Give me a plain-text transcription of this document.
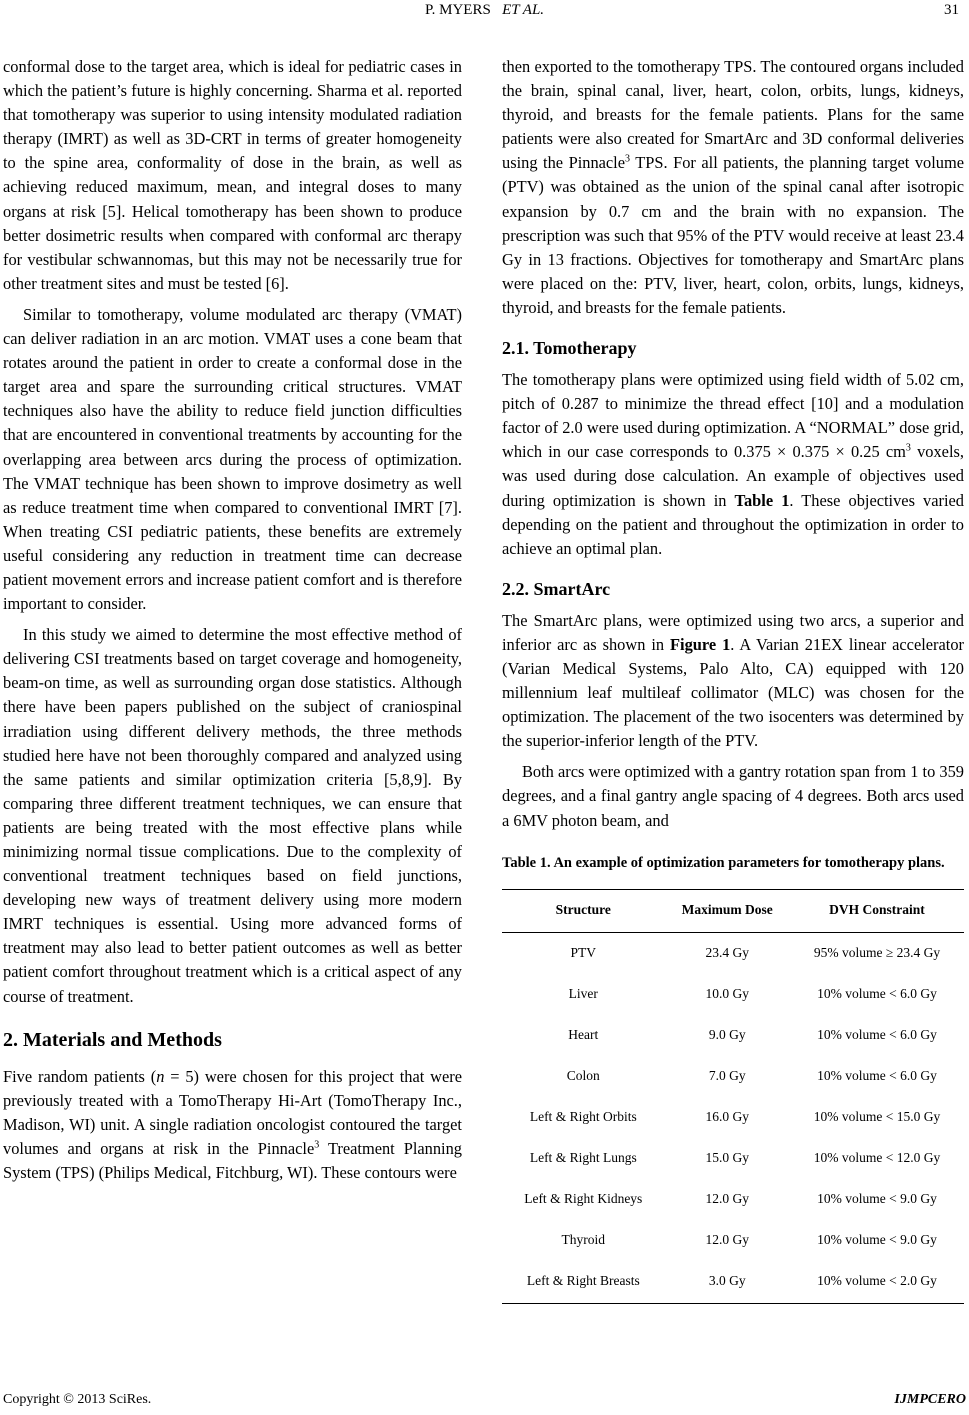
P. MYERS ET AL.	31

conformal dose to the target area, which is ideal for pediatric cases in which the patient’s future is highly concerning. Sharma et al. reported that tomotherapy was superior to using intensity modulated radiation therapy (IMRT) as well as 3D-CRT in terms of greater homogeneity to the spine area, conformality of dose in the brain, as well as achieving reduced maximum, mean, and integral doses to many organs at risk [5]. Helical tomotherapy has been shown to produce better dosimetric results when compared with conformal arc therapy for vestibular schwannomas, but this may not be necessarily true for other treatment sites and must be tested [6].

Similar to tomotherapy, volume modulated arc therapy (VMAT) can deliver radiation in an arc motion. VMAT uses a cone beam that rotates around the patient in order to create a conformal dose in the target area and spare the surrounding critical structures. VMAT techniques also have the ability to reduce field junction difficulties that are encountered in conventional treatments by accounting for the overlapping area between arcs during the process of optimization. The VMAT technique has been shown to improve dosimetry as well as reduce treatment time when compared to conventional IMRT [7]. When treating CSI pediatric patients, these benefits are extremely useful considering any reduction in treatment time can decrease patient movement errors and increase patient comfort and is therefore important to consider.

In this study we aimed to determine the most effective method of delivering CSI treatments based on target coverage and homogeneity, beam-on time, as well as surrounding organ dose statistics. Although there have been papers published on the subject of craniospinal irradiation using different delivery methods, the three methods studied here have not been thoroughly compared and analyzed using the same patients and similar optimization criteria [5,8,9]. By comparing three different treatment techniques, we can ensure that patients are being treated with the most effective plans while minimizing normal tissue complications. Due to the complexity of conventional treatment techniques based on field junctions, developing new ways of treatment delivery using more modern IMRT techniques is essential. Using more advanced forms of treatment may also lead to better patient outcomes as well as better patient comfort throughout treatment which is a critical aspect of any course of treatment.

2. Materials and Methods

Five random patients (n = 5) were chosen for this project that were previously treated with a TomoTherapy Hi-Art (TomoTherapy Inc., Madison, WI) unit. A single radiation oncologist contoured the target volumes and organs at risk in the Pinnacle$^3$ Treatment Planning System (TPS) (Philips Medical, Fitchburg, WI). These contours were

then exported to the tomotherapy TPS. The contoured organs included the brain, spinal canal, liver, heart, colon, orbits, lungs, kidneys, thyroid, and breasts for the female patients. Plans for the same patients were also created for SmartArc and 3D conformal deliveries using the Pinnacle$^3$ TPS. For all patients, the planning target volume (PTV) was obtained as the union of the spinal canal after isotropic expansion by 0.7 cm and the brain with no expansion. The prescription was such that 95% of the PTV would receive at least 23.4 Gy in 13 fractions. Objectives for tomotherapy and SmartArc plans were placed on the: PTV, liver, heart, colon, orbits, lungs, kidneys, thyroid, and breasts for the female patients.

2.1. Tomotherapy

The tomotherapy plans were optimized using field width of 5.02 cm, pitch of 0.287 to minimize the thread effect [10] and a modulation factor of 2.0 were used during optimization. A “NORMAL” dose grid, which in our case corresponds to 0.375 × 0.375 × 0.25 $cm^3$ voxels, was used during dose calculation. An example of objectives used during optimization is shown in Table 1. These objectives varied depending on the patient and throughout the optimization in order to achieve an optimal plan.

2.2. SmartArc

The SmartArc plans, were optimized using two arcs, a superior and inferior arc as shown in Figure 1. A Varian 21EX linear accelerator (Varian Medical Systems, Palo Alto, CA) equipped with 120 millennium leaf multileaf collimator (MLC) was chosen for the optimization. The placement of the two isocenters was determined by the superior-inferior length of the PTV.

Both arcs were optimized with a gantry rotation span from 1 to 359 degrees, and a final gantry angle spacing of 4 degrees. Both arcs used a 6MV photon beam, and

Table 1. An example of optimization parameters for tomotherapy plans.
Structure	Maximum Dose	DVH Constraint
PTV	23.4 Gy	95% volume ≥ 23.4 Gy
Liver	10.0 Gy	10% volume < 6.0 Gy
Heart	9.0 Gy	10% volume < 6.0 Gy
Colon	7.0 Gy	10% volume < 6.0 Gy
Left & Right Orbits	16.0 Gy	10% volume < 15.0 Gy
Left & Right Lungs	15.0 Gy	10% volume < 12.0 Gy
Left & Right Kidneys	12.0 Gy	10% volume < 9.0 Gy
Thyroid	12.0 Gy	10% volume < 9.0 Gy
Left & Right Breasts	3.0 Gy	10% volume < 2.0 Gy
Copyright © 2013 SciRes.	IJMPCERO
